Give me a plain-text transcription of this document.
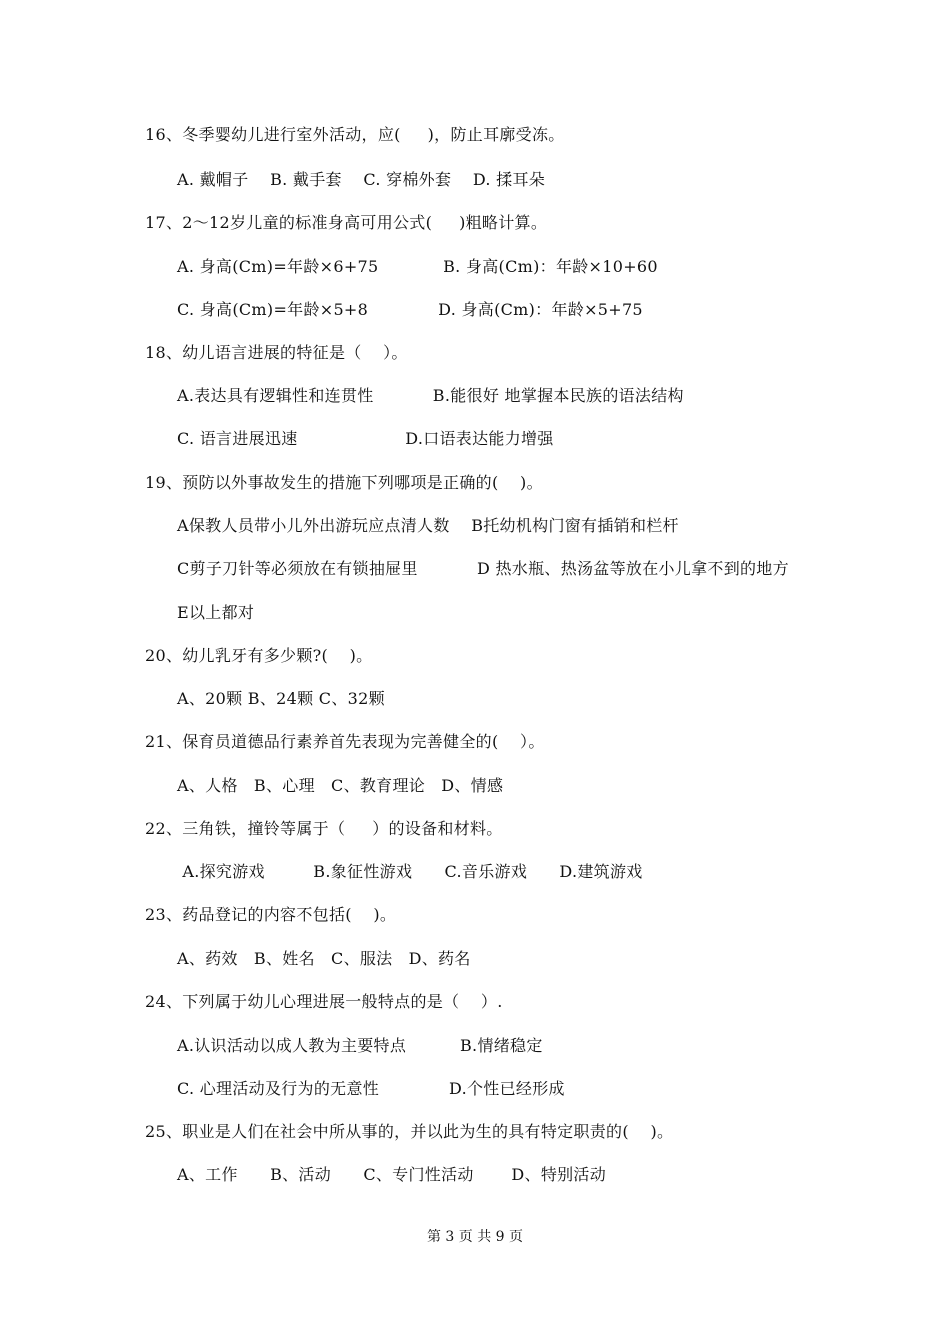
16、冬季婴幼儿进行室外活动，应(     )，防止耳廓受冻。
A. 戴帽子    B. 戴手套    C. 穿棉外套    D. 揉耳朵
17、2～12岁儿童的标准身高可用公式(     )粗略计算。
A. 身高(Cm)=年龄×6+75            B. 身高(Cm)：年龄×10+60
C. 身高(Cm)=年龄×5+8             D. 身高(Cm)：年龄×5+75
18、幼儿语言进展的特征是（    ）。
A.表达具有逻辑性和连贯性           B.能很好 地掌握本民族的语法结构
C. 语言进展迅速                    D.口语表达能力增强
19、预防以外事故发生的措施下列哪项是正确的(    )。
A保教人员带小儿外出游玩应点清人数    B托幼机构门窗有插销和栏杆
C剪子刀针等必须放在有锁抽屉里           D 热水瓶、热汤盆等放在小儿拿不到的地方
E以上都对
20、幼儿乳牙有多少颗?(    )。
A、20颗 B、24颗 C、32颗
21、保育员道德品行素养首先表现为完善健全的(    ）。
A、人格   B、心理   C、教育理论   D、情感
22、三角铁，撞铃等属于（     ）的设备和材料。
A.探究游戏         B.象征性游戏      C.音乐游戏      D.建筑游戏
23、药品登记的内容不包括(    )。
A、药效   B、姓名   C、服法   D、药名
24、下列属于幼儿心理进展一般特点的是（    ）.
A.认识活动以成人教为主要特点          B.情绪稳定
C. 心理活动及行为的无意性             D.个性已经形成
25、职业是人们在社会中所从事的，并以此为生的具有特定职责的(    )。
A、工作      B、活动      C、专门性活动       D、特别活动
第 3 页 共 9 页
